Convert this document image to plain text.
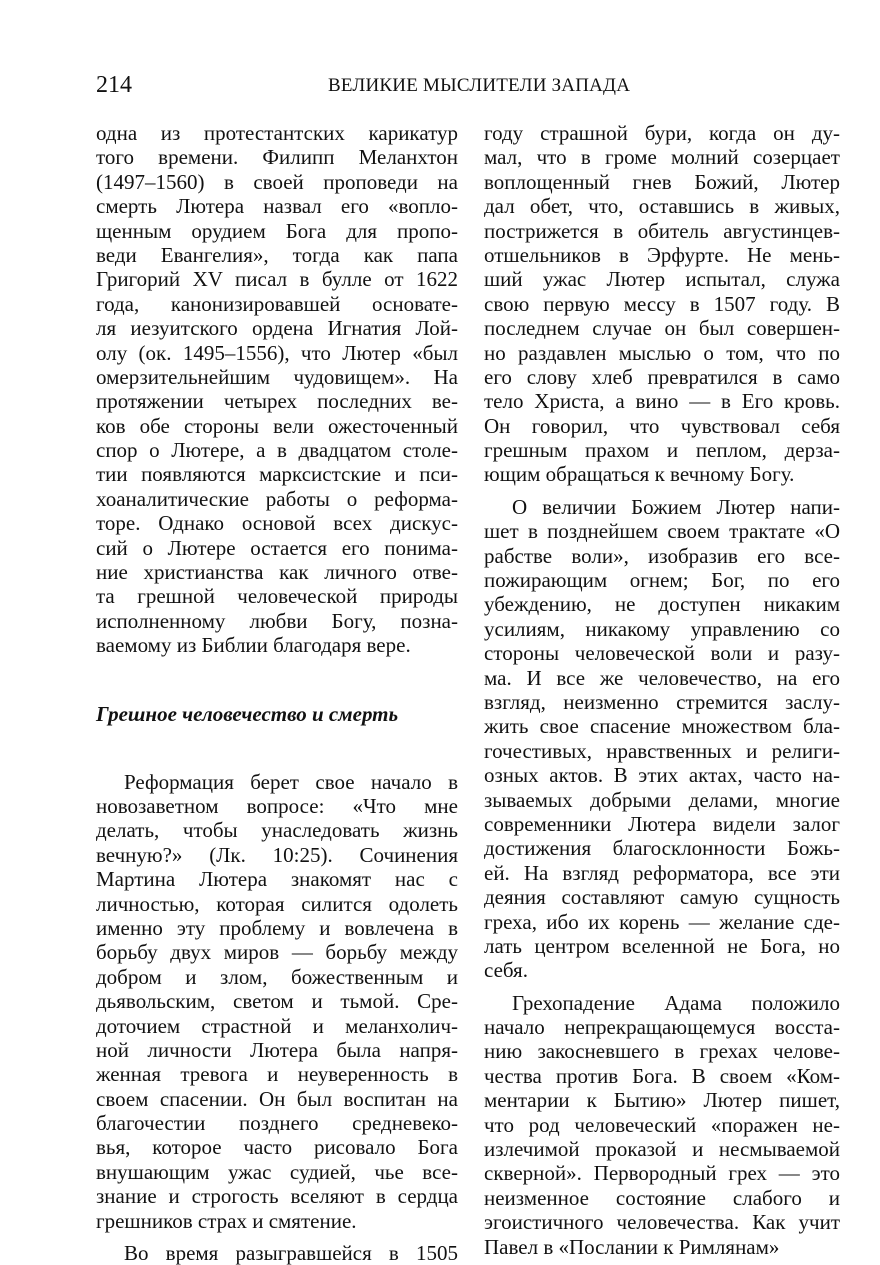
214	ВЕЛИКИЕ МЫСЛИТЕЛИ ЗАПАДА
одна из протестантских карикатур
того времени. Филипп Меланхтон
(1497–1560) в своей проповеди на
смерть Лютера назвал его «вопло-
щенным орудием Бога для пропо-
веди Евангелия», тогда как папа
Григорий XV писал в булле от 1622
года, канонизировавшей основате-
ля иезуитского ордена Игнатия Лой-
олу (ок. 1495–1556), что Лютер «был
омерзительнейшим чудовищем». На
протяжении четырех последних ве-
ков обе стороны вели ожесточенный
спор о Лютере, а в двадцатом столе-
тии появляются марксистские и пси-
хоаналитические работы о реформа-
торе. Однако основой всех дискус-
сий о Лютере остается его понима-
ние христианства как личного отве-
та грешной человеческой природы
исполненному любви Богу, позна-
ваемому из Библии благодаря вере.
Грешное человечество и смерть
Реформация берет свое начало в
новозаветном вопросе: «Что мне
делать, чтобы унаследовать жизнь
вечную?» (Лк. 10:25). Сочинения
Мартина Лютера знакомят нас с
личностью, которая силится одолеть
именно эту проблему и вовлечена в
борьбу двух миров — борьбу между
добром и злом, божественным и
дьявольским, светом и тьмой. Сре-
доточием страстной и меланхолич-
ной личности Лютера была напря-
женная тревога и неуверенность в
своем спасении. Он был воспитан на
благочестии позднего средневеко-
вья, которое часто рисовало Бога
внушающим ужас судией, чье все-
знание и строгость вселяют в сердца
грешников страх и смятение.
Во время разыгравшейся в 1505
году страшной бури, когда он ду-
мал, что в громе молний созерцает
воплощенный гнев Божий, Лютер
дал обет, что, оставшись в живых,
пострижется в обитель августинцев-
отшельников в Эрфурте. Не мень-
ший ужас Лютер испытал, служа
свою первую мессу в 1507 году. В
последнем случае он был совершен-
но раздавлен мыслью о том, что по
его слову хлеб превратился в само
тело Христа, а вино — в Его кровь.
Он говорил, что чувствовал себя
грешным прахом и пеплом, дерза-
ющим обращаться к вечному Богу.
О величии Божием Лютер напи-
шет в позднейшем своем трактате «О
рабстве воли», изобразив его все-
пожирающим огнем; Бог, по его
убеждению, не доступен никаким
усилиям, никакому управлению со
стороны человеческой воли и разу-
ма. И все же человечество, на его
взгляд, неизменно стремится заслу-
жить свое спасение множеством бла-
гочестивых, нравственных и религи-
озных актов. В этих актах, часто на-
зываемых добрыми делами, многие
современники Лютера видели залог
достижения благосклонности Божь-
ей. На взгляд реформатора, все эти
деяния составляют самую сущность
греха, ибо их корень — желание сде-
лать центром вселенной не Бога, но
себя.
Грехопадение Адама положило
начало непрекращающемуся восста-
нию закосневшего в грехах челове-
чества против Бога. В своем «Ком-
ментарии к Бытию» Лютер пишет,
что род человеческий «поражен не-
излечимой проказой и несмываемой
скверной». Первородный грех — это
неизменное состояние слабого и
эгоистичного человечества. Как учит
Павел в «Послании к Римлянам»
